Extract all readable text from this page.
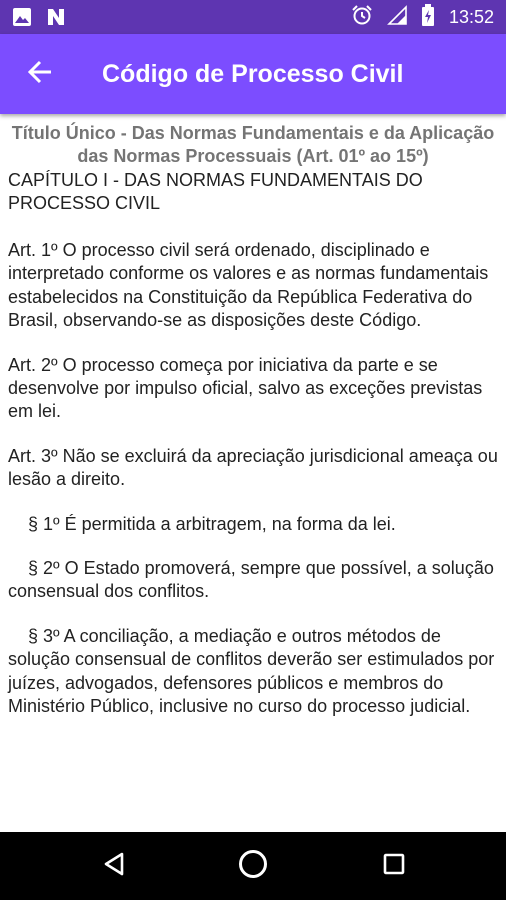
13:52
Código de Processo Civil
Título Único - Das Normas Fundamentais e da Aplicação das Normas Processuais (Art. 01º ao 15º)
CAPÍTULO I - DAS NORMAS FUNDAMENTAIS DO PROCESSO CIVIL
Art. 1º O processo civil será ordenado, disciplinado e interpretado conforme os valores e as normas fundamentais estabelecidos na Constituição da República Federativa do Brasil, observando-se as disposições deste Código.
Art. 2º O processo começa por iniciativa da parte e se desenvolve por impulso oficial, salvo as exceções previstas em lei.
Art. 3º Não se excluirá da apreciação jurisdicional ameaça ou lesão a direito.
§ 1º É permitida a arbitragem, na forma da lei.
§ 2º O Estado promoverá, sempre que possível, a solução consensual dos conflitos.
§ 3º A conciliação, a mediação e outros métodos de solução consensual de conflitos deverão ser estimulados por juízes, advogados, defensores públicos e membros do Ministério Público, inclusive no curso do processo judicial.
